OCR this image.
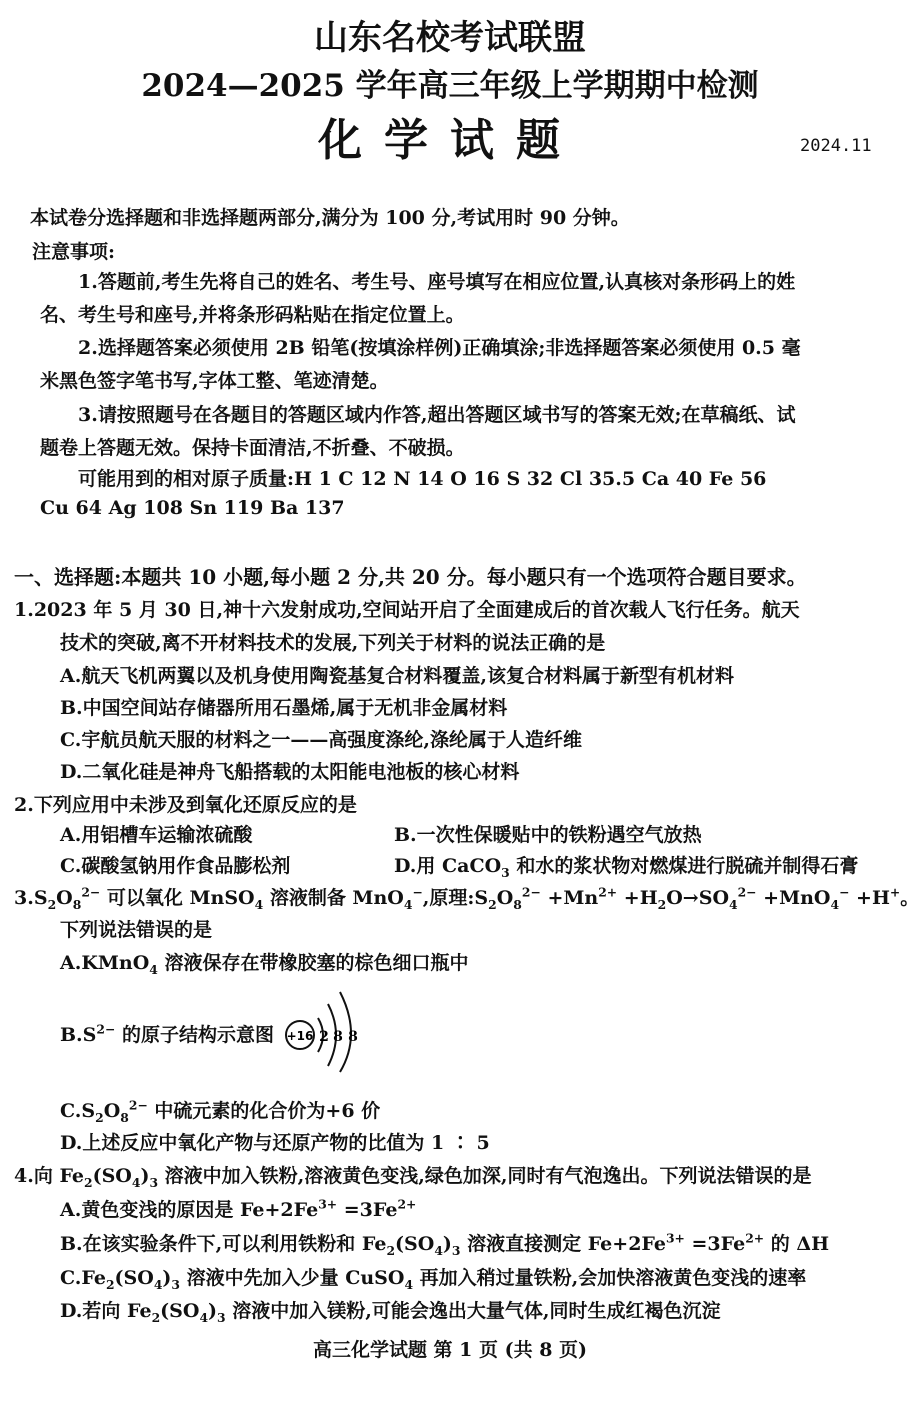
山东名校考试联盟
2024—2025 学年高三年级上学期期中检测
化学试题	2024.11
本试卷分选择题和非选择题两部分,满分为 100 分,考试用时 90 分钟。
注意事项:
1.答题前,考生先将自己的姓名、考生号、座号填写在相应位置,认真核对条形码上的姓
名、考生号和座号,并将条形码粘贴在指定位置上。
2.选择题答案必须使用 2B 铅笔(按填涂样例)正确填涂;非选择题答案必须使用 0.5 毫
米黑色签字笔书写,字体工整、笔迹清楚。
3.请按照题号在各题目的答题区域内作答,超出答题区域书写的答案无效;在草稿纸、试
题卷上答题无效。保持卡面清洁,不折叠、不破损。
可能用到的相对原子质量:H 1 C 12 N 14 O 16 S 32 Cl 35.5 Ca 40 Fe 56
Cu 64 Ag 108 Sn 119 Ba 137
一、选择题:本题共 10 小题,每小题 2 分,共 20 分。每小题只有一个选项符合题目要求。
1.2023 年 5 月 30 日,神十六发射成功,空间站开启了全面建成后的首次载人飞行任务。航天
技术的突破,离不开材料技术的发展,下列关于材料的说法正确的是
A.航天飞机两翼以及机身使用陶瓷基复合材料覆盖,该复合材料属于新型有机材料
B.中国空间站存储器所用石墨烯,属于无机非金属材料
C.宇航员航天服的材料之一——高强度涤纶,涤纶属于人造纤维
D.二氧化硅是神舟飞船搭载的太阳能电池板的核心材料
2.下列应用中未涉及到氧化还原反应的是
A.用铝槽车运输浓硫酸	B.一次性保暖贴中的铁粉遇空气放热
C.碳酸氢钠用作食品膨松剂	D.用 CaCO$_3$ 和水的浆状物对燃煤进行脱硫并制得石膏
$3.S_2O_8^{2-}$ 可以氧化 MnSO$_4$ 溶液制备 MnO$_4$−,原理$:S_2O_8^{2-} +Mn^{2+} +H_2O\to SO_4^{2-} +MnO_4^- +H^+$。
下列说法错误的是
A.KMnO$_4$ 溶液保存在带橡胶塞的棕色细口瓶中
$B.S^{2-}$ 的原子结构示意图 +16 2 8 8
$C.S_2O_8^{2-}$ 中硫元素的化合价为+6 价
D.上述反应中氧化产物与还原产物的比值为 1 ∶ 5
4.向 $Fe_2(SO_4)_3$ 溶液中加入铁粉,溶液黄色变浅,绿色加深,同时有气泡逸出。下列说法错误的是
A.黄色变浅的原因是 $Fe+2Fe^{3+} =3Fe^{2+}$
B.在该实验条件下,可以利用铁粉和 $Fe_2(SO_4)_3$ 溶液直接测定 $Fe+2Fe^{3+} =3Fe^{2+}$ 的 ΔH
$C.Fe_2(SO_4)_3$ 溶液中先加入少量 CuSO$_4$ 再加入稍过量铁粉,会加快溶液黄色变浅的速率
D.若向 $Fe_2(SO_4)_3$ 溶液中加入镁粉,可能会逸出大量气体,同时生成红褐色沉淀
高三化学试题 第 1 页 (共 8 页)
